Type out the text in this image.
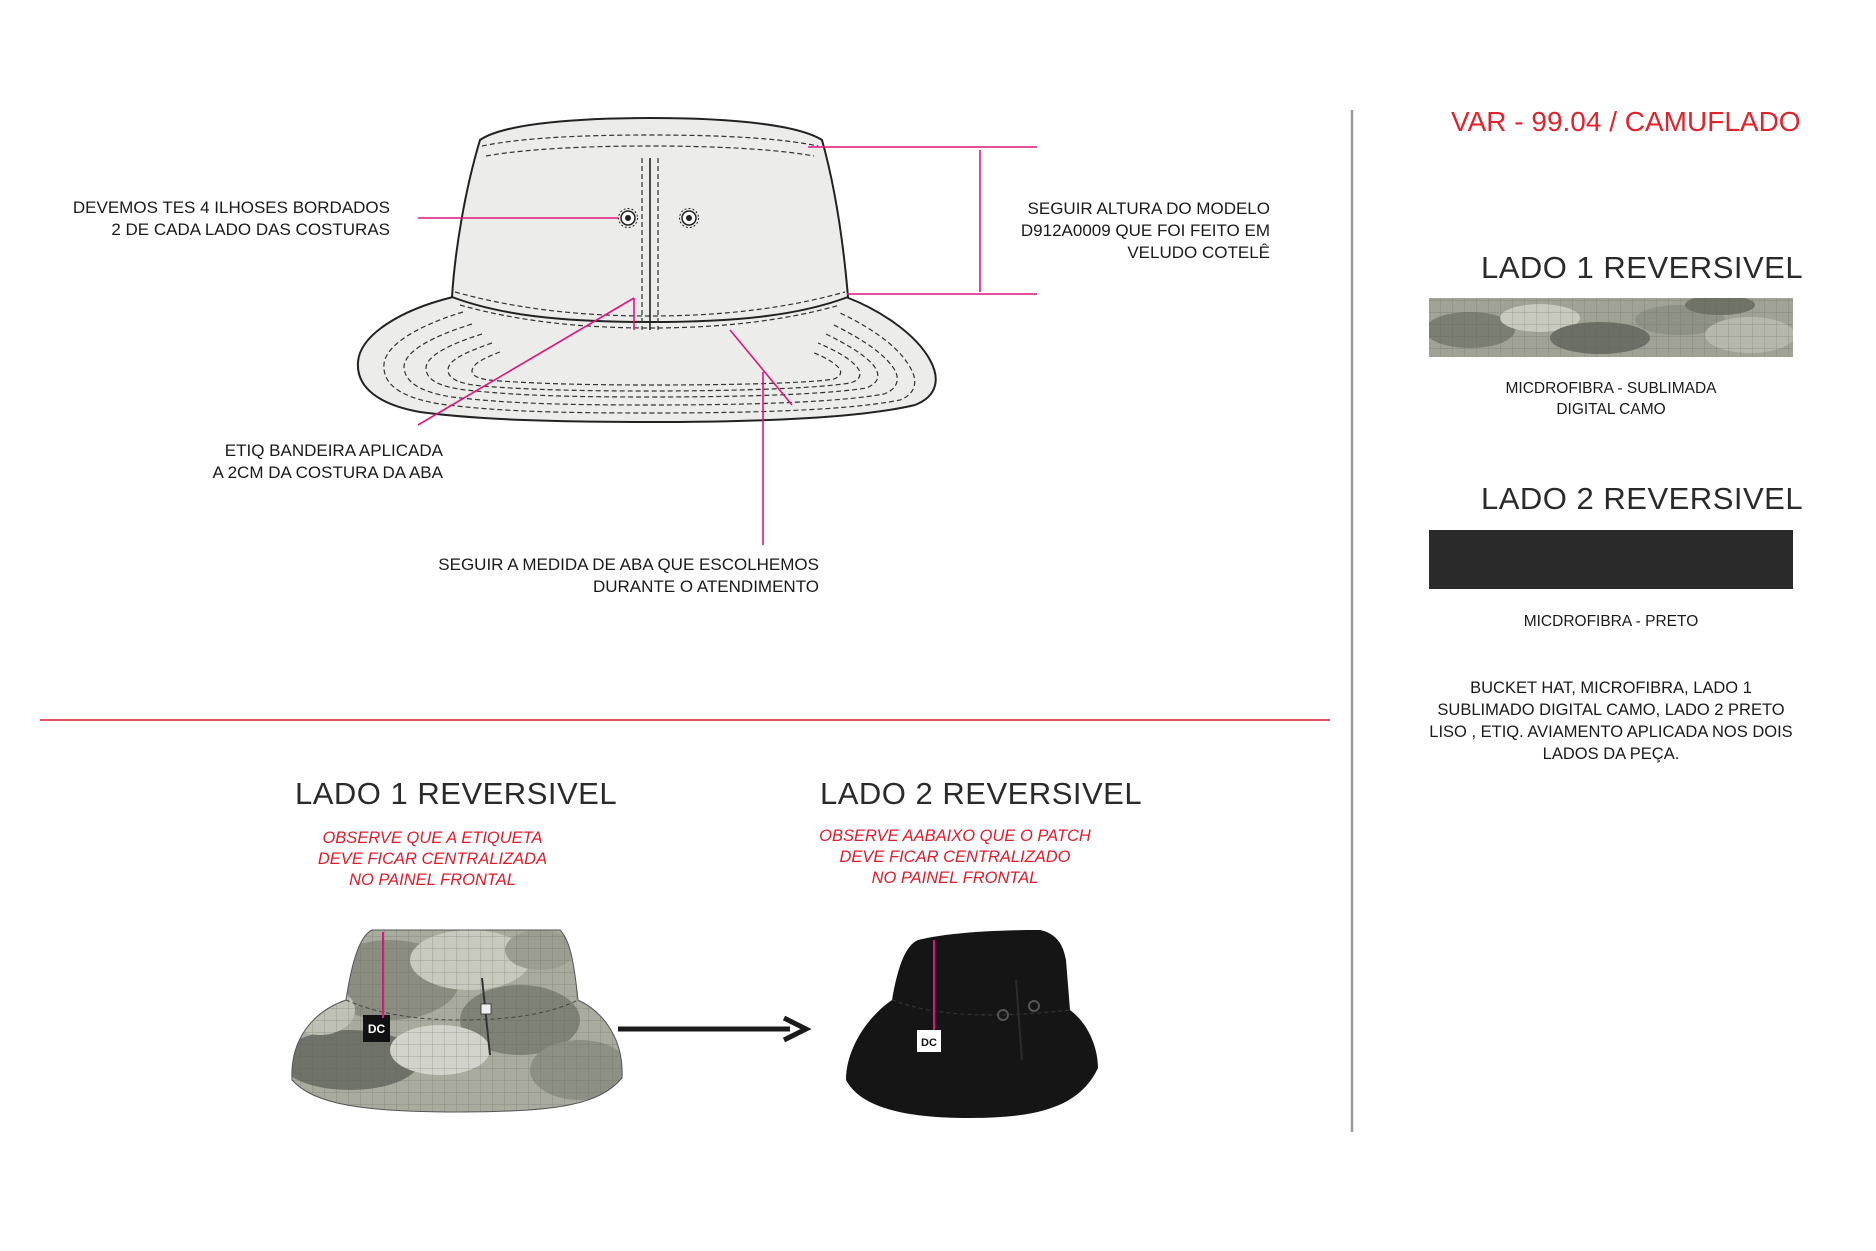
DC
DC
DEVEMOS TES 4 ILHOSES BORDADOS
2 DE CADA LADO DAS COSTURAS
SEGUIR ALTURA DO MODELO
D912A0009 QUE FOI FEITO EM
VELUDO COTELÊ
ETIQ BANDEIRA APLICADA
A 2CM DA COSTURA DA ABA
SEGUIR A MEDIDA DE ABA QUE ESCOLHEMOS
DURANTE O ATENDIMENTO
LADO 1 REVERSIVEL
OBSERVE QUE A ETIQUETA
DEVE FICAR CENTRALIZADA
NO PAINEL FRONTAL
LADO 2 REVERSIVEL
OBSERVE AABAIXO QUE O PATCH
DEVE FICAR CENTRALIZADO
NO PAINEL FRONTAL
VAR - 99.04 / CAMUFLADO
LADO 1 REVERSIVEL
MICDROFIBRA - SUBLIMADA
DIGITAL CAMO
LADO 2 REVERSIVEL
MICDROFIBRA - PRETO
BUCKET HAT, MICROFIBRA, LADO 1 SUBLIMADO DIGITAL CAMO, LADO 2 PRETO LISO , ETIQ. AVIAMENTO APLICADA NOS DOIS LADOS DA PEÇA.
